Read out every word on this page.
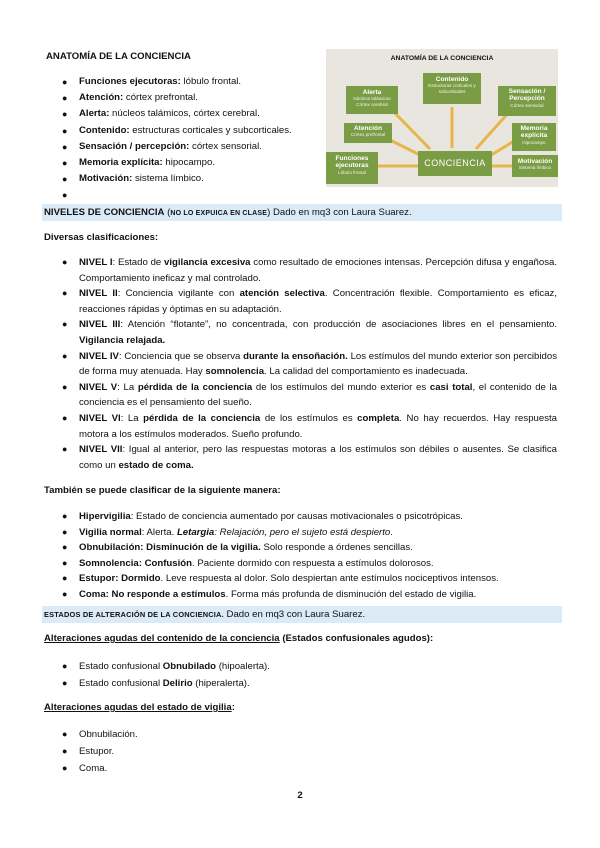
ANATOMÍA DE LA CONCIENCIA
● Funciones ejecutoras: lóbulo frontal.
● Atención: córtex prefrontal.
● Alerta: núcleos talámicos, córtex cerebral.
● Contenido: estructuras corticales y subcorticales.
● Sensación / percepción: córtex sensorial.
● Memoria explícita: hipocampo.
● Motivación: sistema límbico.
●
ANATOMÍA DE LA CONCIENCIA
Contenido
Estructuras corticales y subcorticales
Alerta
Núcleos talámicos Córtex cerebral
Sensación / Percepción
Córtex sensorial
Atención
Córtex prefrontal
Memoria explícita
Hipocampo
Funciones ejecutoras
Lóbulo frontal
CONCIENCIA	Motivación
Sistema límbico
NIVELES DE CONCIENCIA (NO LO EXPUICA EN CLASE) Dado en mq3 con Laura Suarez.
Diversas clasificaciones:
● NIVEL I: Estado de vigilancia excesiva como resultado de emociones intensas. Percepción difusa y engañosa. Comportamiento ineficaz y mal controlado.
● NIVEL II: Conciencia vigilante con atención selectiva. Concentración flexible. Comportamiento es eficaz, reacciones rápidas y óptimas en su adaptación.
● NIVEL III: Atención “flotante”, no concentrada, con producción de asociaciones libres en el pensamiento. Vigilancia relajada.
● NIVEL IV: Conciencia que se observa durante la ensoñación. Los estímulos del mundo exterior son percibidos de forma muy atenuada. Hay somnolencia. La calidad del comportamiento es inadecuada.
● NIVEL V: La pérdida de la conciencia de los estímulos del mundo exterior es casi total, el contenido de la conciencia es el pensamiento del sueño.
● NIVEL VI: La pérdida de la conciencia de los estímulos es completa. No hay recuerdos. Hay respuesta motora a los estímulos moderados. Sueño profundo.
● NIVEL VII: Igual al anterior, pero las respuestas motoras a los estímulos son débiles o ausentes. Se clasifica como un estado de coma.
También se puede clasificar de la siguiente manera:
● Hipervigilia: Estado de conciencia aumentado por causas motivacionales o psicotrópicas.
● Vigilia normal: Alerta. Letargia: Relajación, pero el sujeto está despierto.
● Obnubilación: Disminución de la vigilia. Solo responde a órdenes sencillas.
● Somnolencia: Confusión. Paciente dormido con respuesta a estímulos dolorosos.
● Estupor: Dormido. Leve respuesta al dolor. Solo despiertan ante estímulos nociceptivos intensos.
● Coma: No responde a estímulos. Forma más profunda de disminución del estado de vigilia.
ESTADOS DE ALTERACIÓN DE LA CONCIENCIA. Dado en mq3 con Laura Suarez.
Alteraciones agudas del contenido de la conciencia (Estados confusionales agudos):
● Estado confusional Obnubilado (hipoalerta).
● Estado confusional Delirio (hiperalerta).
Alteraciones agudas del estado de vigilia:
● Obnubilación.
● Estupor.
● Coma.
2
